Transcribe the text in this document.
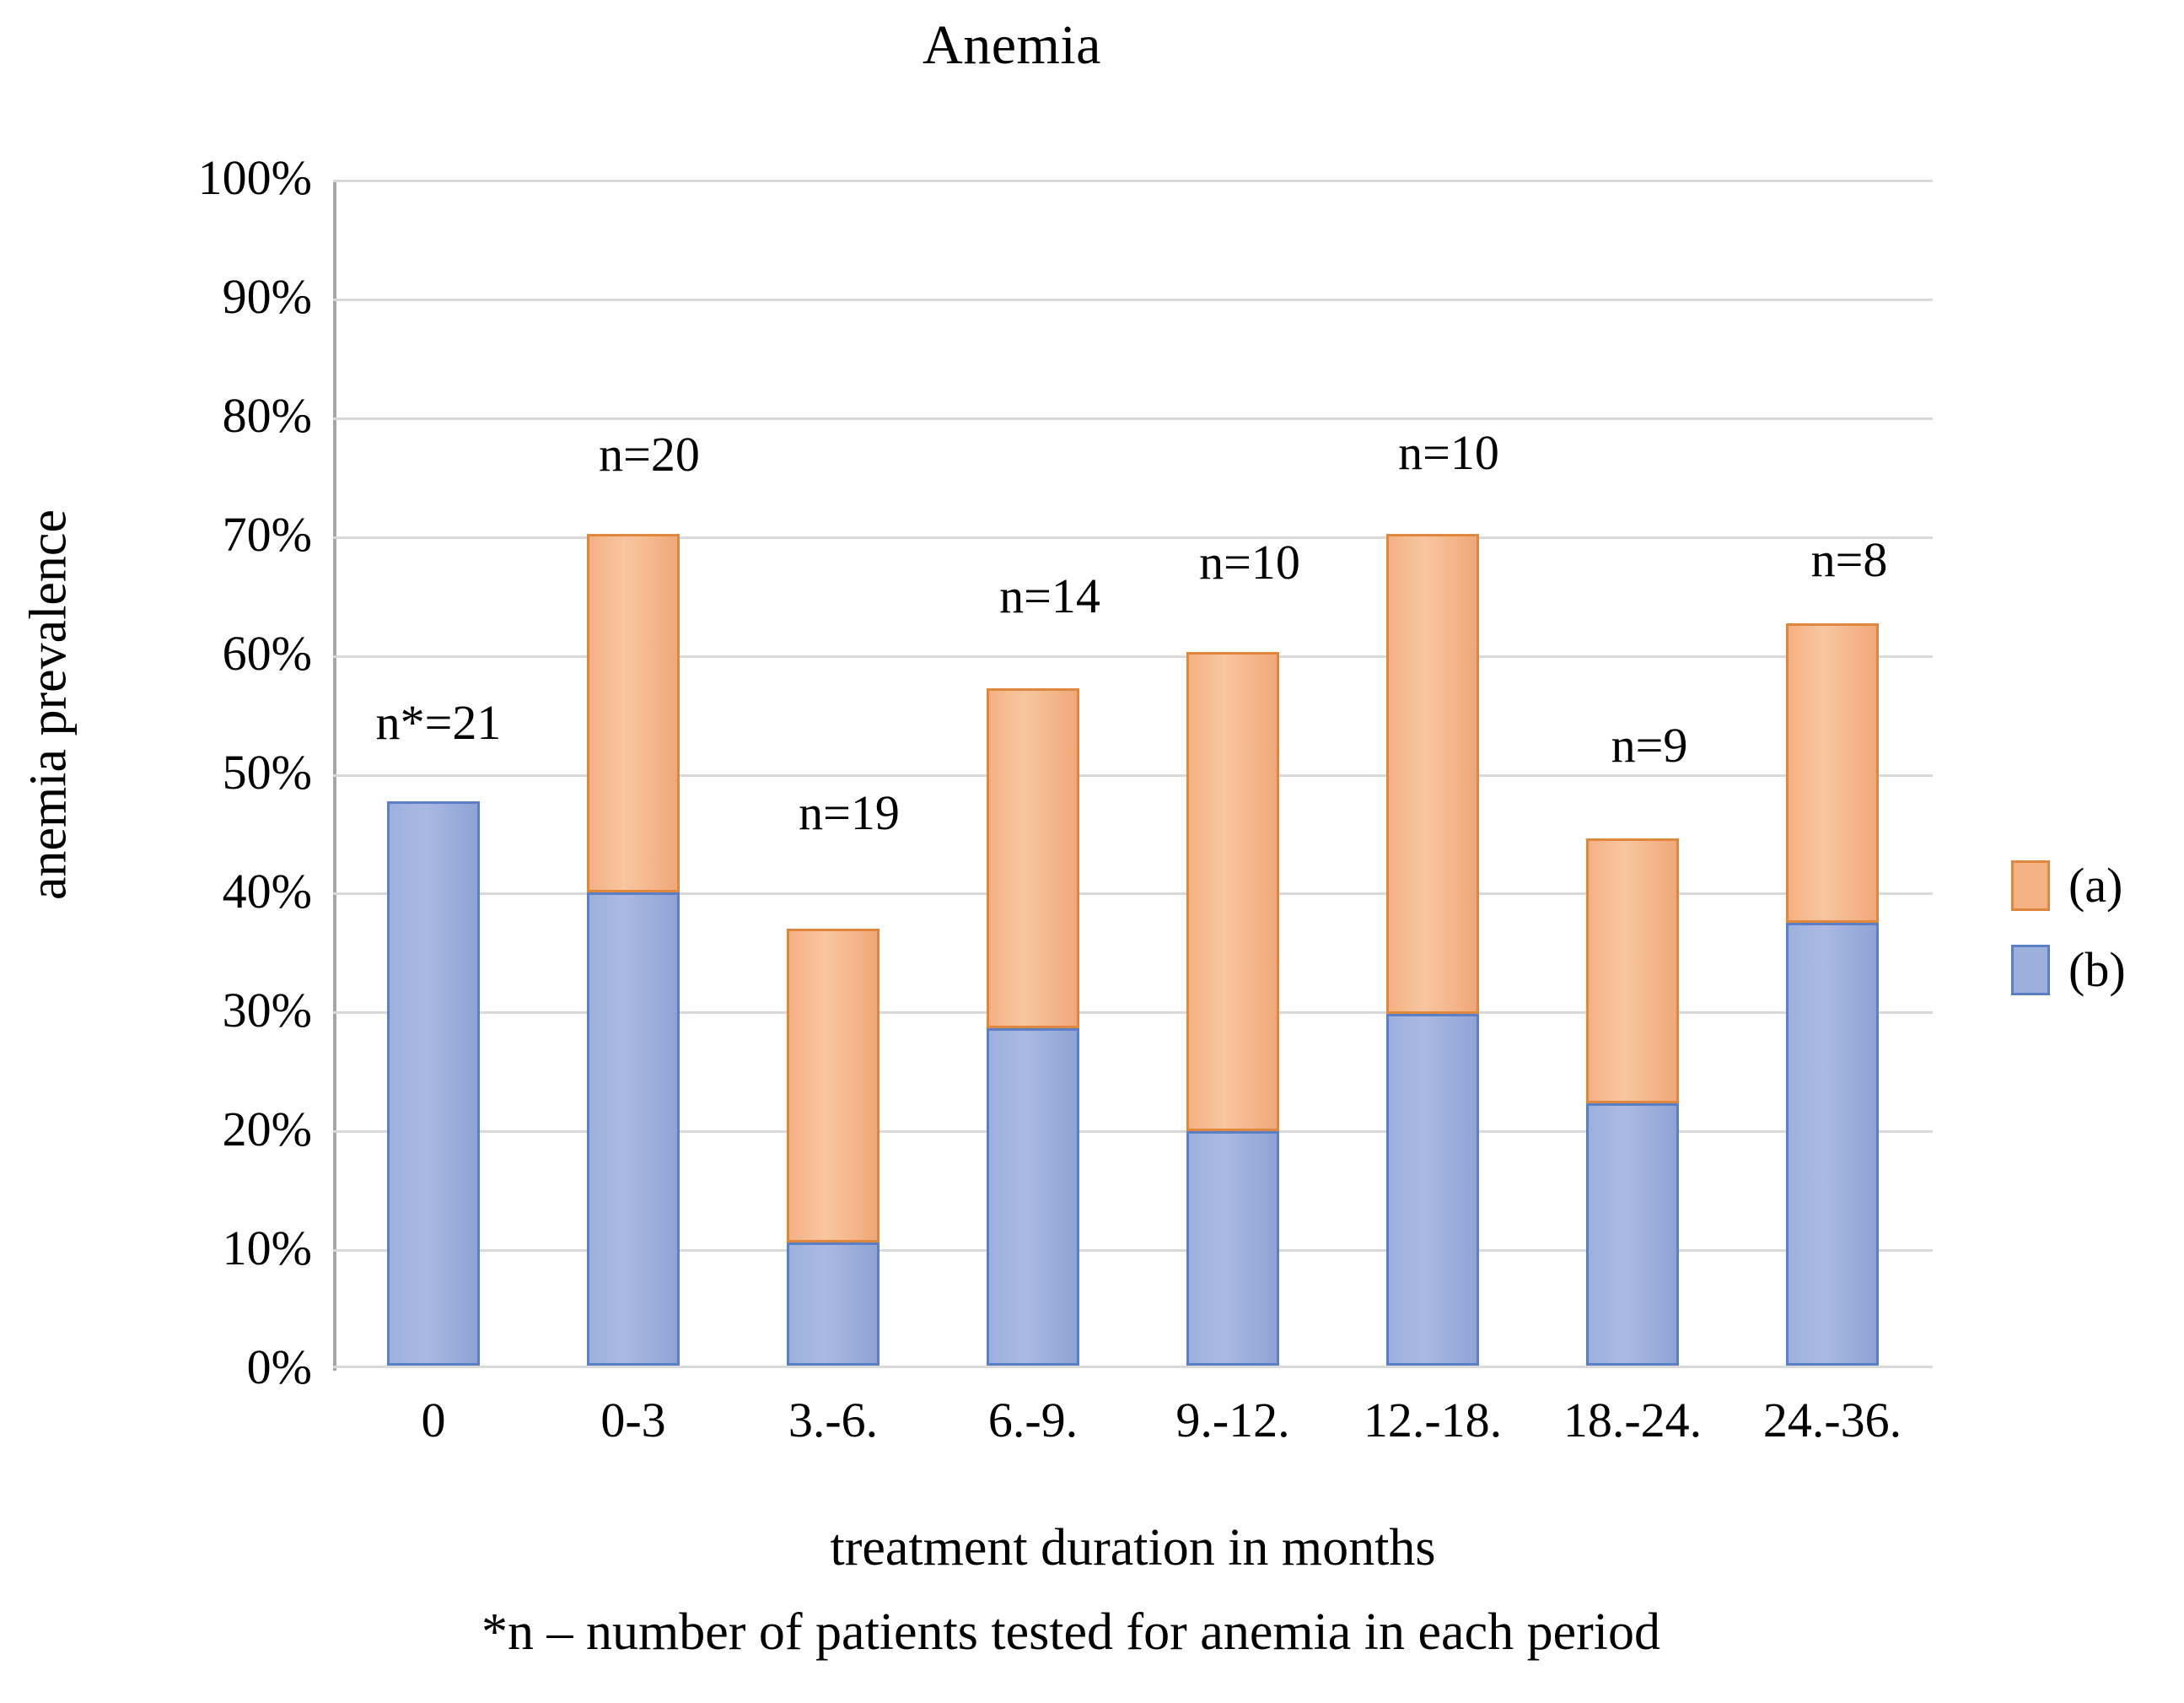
Anemia
0%
10%
20%
30%
40%
50%
60%
70%
80%
90%
100%
n*=21
n=20
n=19
n=14
n=10
n=10
n=9
n=8
0	0-3	3.-6.	6.-9.	9.-12.	12.-18.	18.-24.	24.-36.
anemia prevalence
treatment duration in months
*n – number of patients tested for anemia in each period
(a)
(b)
